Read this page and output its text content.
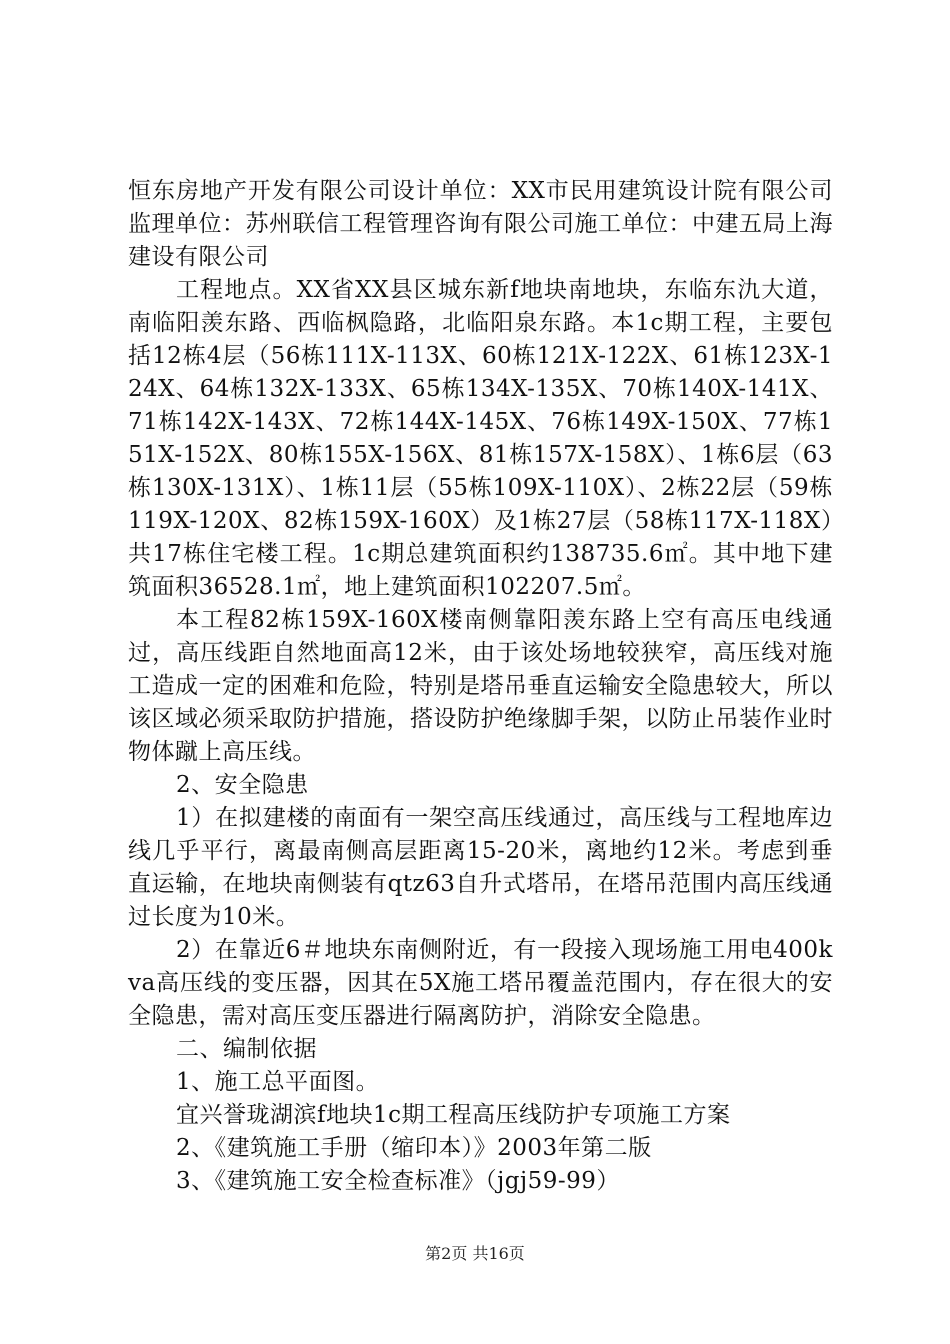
恒东房地产开发有限公司设计单位：XX市民用建筑设计院有限公司监理单位：苏州联信工程管理咨询有限公司施工单位：中建五局上海建设有限公司

工程地点。XX省XX县区城东新f地块南地块，东临东氿大道，南临阳羡东路、西临枫隐路，北临阳泉东路。本1c期工程，主要包括12栋4层（56栋111X-113X、60栋121X-122X、61栋123X-124X、64栋132X-133X、65栋134X-135X、70栋140X-141X、71栋142X-143X、72栋144X-145X、76栋149X-150X、77栋151X-152X、80栋155X-156X、81栋157X-158X）、1栋6层（63栋130X-131X）、1栋11层（55栋109X-110X）、2栋22层（59栋119X-120X、82栋159X-160X）及1栋27层（58栋117X-118X）共17栋住宅楼工程。1c期总建筑面积约138735.6㎡。其中地下建筑面积36528.1㎡，地上建筑面积102207.5㎡。

本工程82栋159X-160X楼南侧靠阳羡东路上空有高压电线通过，高压线距自然地面高12米，由于该处场地较狭窄，高压线对施工造成一定的困难和危险，特别是塔吊垂直运输安全隐患较大，所以该区域必须采取防护措施，搭设防护绝缘脚手架，以防止吊装作业时物体蹴上高压线。

2、安全隐患

1）在拟建楼的南面有一架空高压线通过，高压线与工程地库边线几乎平行，离最南侧高层距离15-20米，离地约12米。考虑到垂直运输，在地块南侧装有qtz63自升式塔吊，在塔吊范围内高压线通过长度为10米。

2）在靠近6＃地块东南侧附近，有一段接入现场施工用电400kva高压线的变压器，因其在5X施工塔吊覆盖范围内，存在很大的安全隐患，需对高压变压器进行隔离防护，消除安全隐患。

二、编制依据

1、施工总平面图。

宜兴誉珑湖滨f地块1c期工程高压线防护专项施工方案

2、《建筑施工手册（缩印本）》2003年第二版

3、《建筑施工安全检查标准》（jgj59-99）

第2页 共16页
